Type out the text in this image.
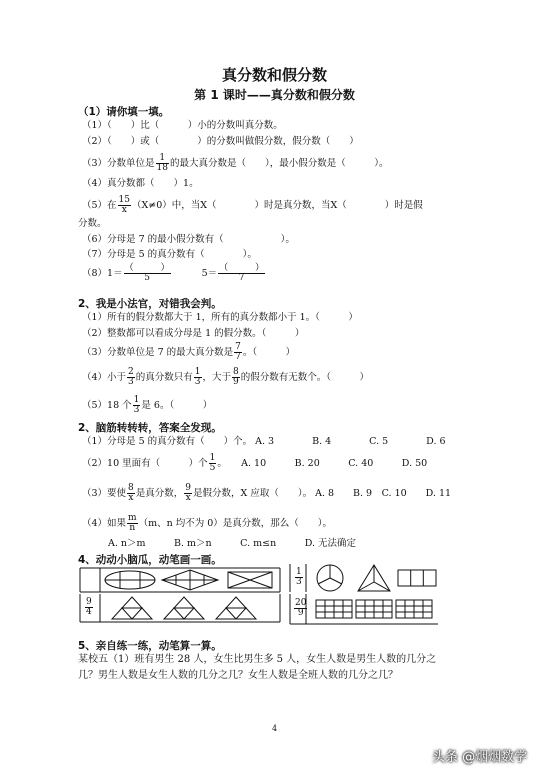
真分数和假分数
第 1 课时——真分数和假分数
（1）请你填一填。
（1）（　　）比（　　　）小的分数叫真分数。
（2）（　　）或（　　　　）的分数叫做假分数，假分数（　　）
（3）分数单位是 $\frac{1}{18}$ 的最大真分数是（　　），最小假分数是（　　　）。
（4）真分数都（　　）1。
（5）在 $\frac{15}{x} (X\ne 0)$中，当X（　　　　）时是真分数，当X（　　　　）时是假
分数。
（6）分母是 7 的最小假分数有（　　　　　　）。
（7）分母是 5 的真分数有（　　　　）。
$(8)1= \frac{( )}{5}$	$5= \frac{( )}{7}$
2、我是小法官，对错我会判。
（1）所有的假分数都大于 1，所有的真分数都小于 1。（　　　）
（2）整数都可以看成分母是 1 的假分数。（　　　）
（3）分数单位是 7 的最大真分数是 $\frac{7}{7}$ 。（　　　）
（4）小于 $\frac{2}{3}$ 的真分数只有 $\frac{1}{3}$ ，大于 $\frac{8}{9}$ 的假分数有无数个。（　　　）
（5）18 个 $\frac{1}{3}$ 是 6。（　　　）
2、脑筋转转转，答案全发现。
（1）分母是 5 的真分数有（　　）个。 A. 3　　　　B. 4　　　　C. 5　　　　D. 6
（2）10 里面有（　　　）个 $\frac{1}{5}$ 。　　A. 10　　　B. 20　　　C. 40　　　D. 50
（3）要使 $\frac{8}{x}$ 是真分数， $\frac{9}{x}$ 是假分数，X 应取（　　）。 A. 8　　B. 9　C. 10　　D. 11
（4）如果 $\frac{m}{n} (m$、n 均不为 0）是真分数，那么（　　）。
A. n＞m　　　B. m＞n　　　C. m≤n　　　D. 无法确定
4、动动小脑瓜，动笔画一画。
$\frac{9}{4}$
$\frac{1}{3}$
$\frac{20}{9}$
5、亲自练一练，动笔算一算。
某校五（1）班有男生 28 人，女生比男生多 5 人，女生人数是男生人数的几分之
几？男生人数是女生人数的几分之几？女生人数是全班人数的几分之几？
4
头条 @烟烟数学
